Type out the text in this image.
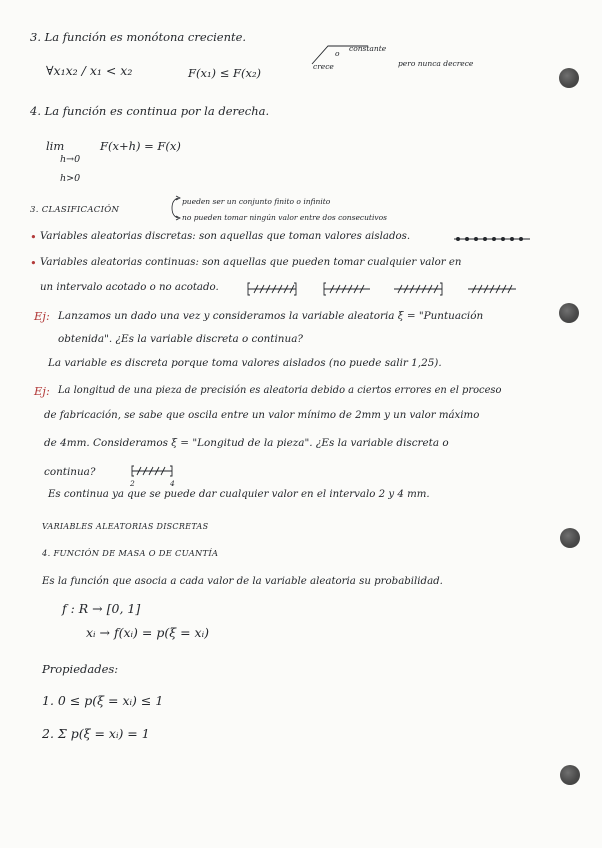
3. La función es monótona creciente.
∀x₁x₂ / x₁ < x₂	F(x₁) ≤ F(x₂)	crece
constante
o
pero nunca decrece
4. La función es continua por la derecha.
lim	F(x+h) = F(x)
h→0
h>0
3. CLASIFICACIÓN
pueden ser un conjunto finito o infinito
no pueden tomar ningún valor entre dos consecutivos
• Variables aleatorias discretas: son aquellas que toman valores aislados.
• Variables aleatorias continuas: son aquellas que pueden tomar cualquier valor en
un intervalo acotado o no acotado.
Ej: Lanzamos un dado una vez y consideramos la variable aleatoria ξ = "Puntuación
obtenida". ¿Es la variable discreta o continua?
La variable es discreta porque toma valores aislados (no puede salir 1,25).
Ej: La longitud de una pieza de precisión es aleatoria debido a ciertos errores en el proceso
de fabricación, se sabe que oscila entre un valor mínimo de 2mm y un valor máximo
de 4mm. Consideramos ξ = "Longitud de la pieza". ¿Es la variable discreta o
continua?
2	4
Es continua ya que se puede dar cualquier valor en el intervalo 2 y 4 mm.
VARIABLES ALEATORIAS DISCRETAS
4. FUNCIÓN DE MASA O DE CUANTÍA
Es la función que asocia a cada valor de la variable aleatoria su probabilidad.
f : R → [0, 1]
xᵢ → f(xᵢ) = p(ξ = xᵢ)
Propiedades:
1. 0 ≤ p(ξ = xᵢ) ≤ 1
2. Σ p(ξ = xᵢ) = 1
